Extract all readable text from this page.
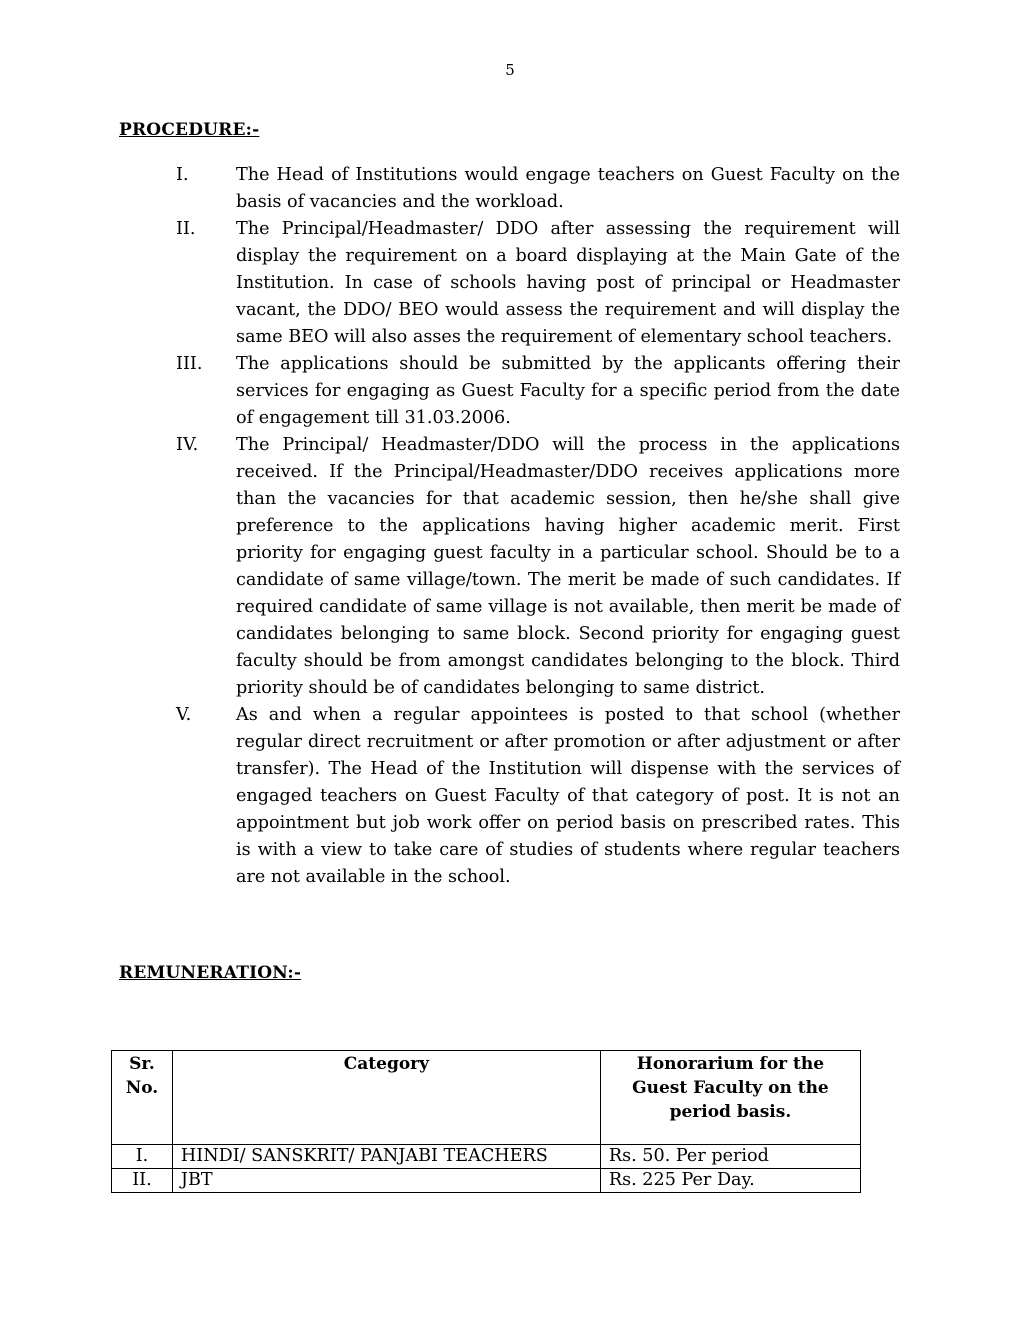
5
PROCEDURE:-
I.	The Head of Institutions would engage teachers on Guest Faculty on the basis of vacancies and the workload.
II.	The Principal/Headmaster/ DDO after assessing the requirement will display the requirement on a board displaying at the Main Gate of the Institution. In case of schools having post of principal or Headmaster vacant, the DDO/ BEO would assess the requirement and will display the same BEO will also asses the requirement of elementary school teachers.
III.	The applications should be submitted by the applicants offering their services for engaging as Guest Faculty for a specific period from the date of engagement till 31.03.2006.
IV.	The Principal/ Headmaster/DDO will the process in the applications received. If the Principal/Headmaster/DDO receives applications more than the vacancies for that academic session, then he/she shall give preference to the applications having higher academic merit. First priority for engaging guest faculty in a particular school. Should be to a candidate of same village/town. The merit be made of such candidates. If required candidate of same village is not available, then merit be made of candidates belonging to same block. Second priority for engaging guest faculty should be from amongst candidates belonging to the block. Third priority should be of candidates belonging to same district.
V.	As and when a regular appointees is posted to that school (whether regular direct recruitment or after promotion or after adjustment or after transfer). The Head of the Institution will dispense with the services of engaged teachers on Guest Faculty of that category of post. It is not an appointment but job work offer on period basis on prescribed rates. This is with a view to take care of studies of students where regular teachers are not available in the school.
REMUNERATION:-
Sr. No.	Category	Honorarium for the Guest Faculty on the period basis.
I.	HINDI/ SANSKRIT/ PANJABI TEACHERS	Rs. 50. Per period
II.	JBT	Rs. 225 Per Day.
